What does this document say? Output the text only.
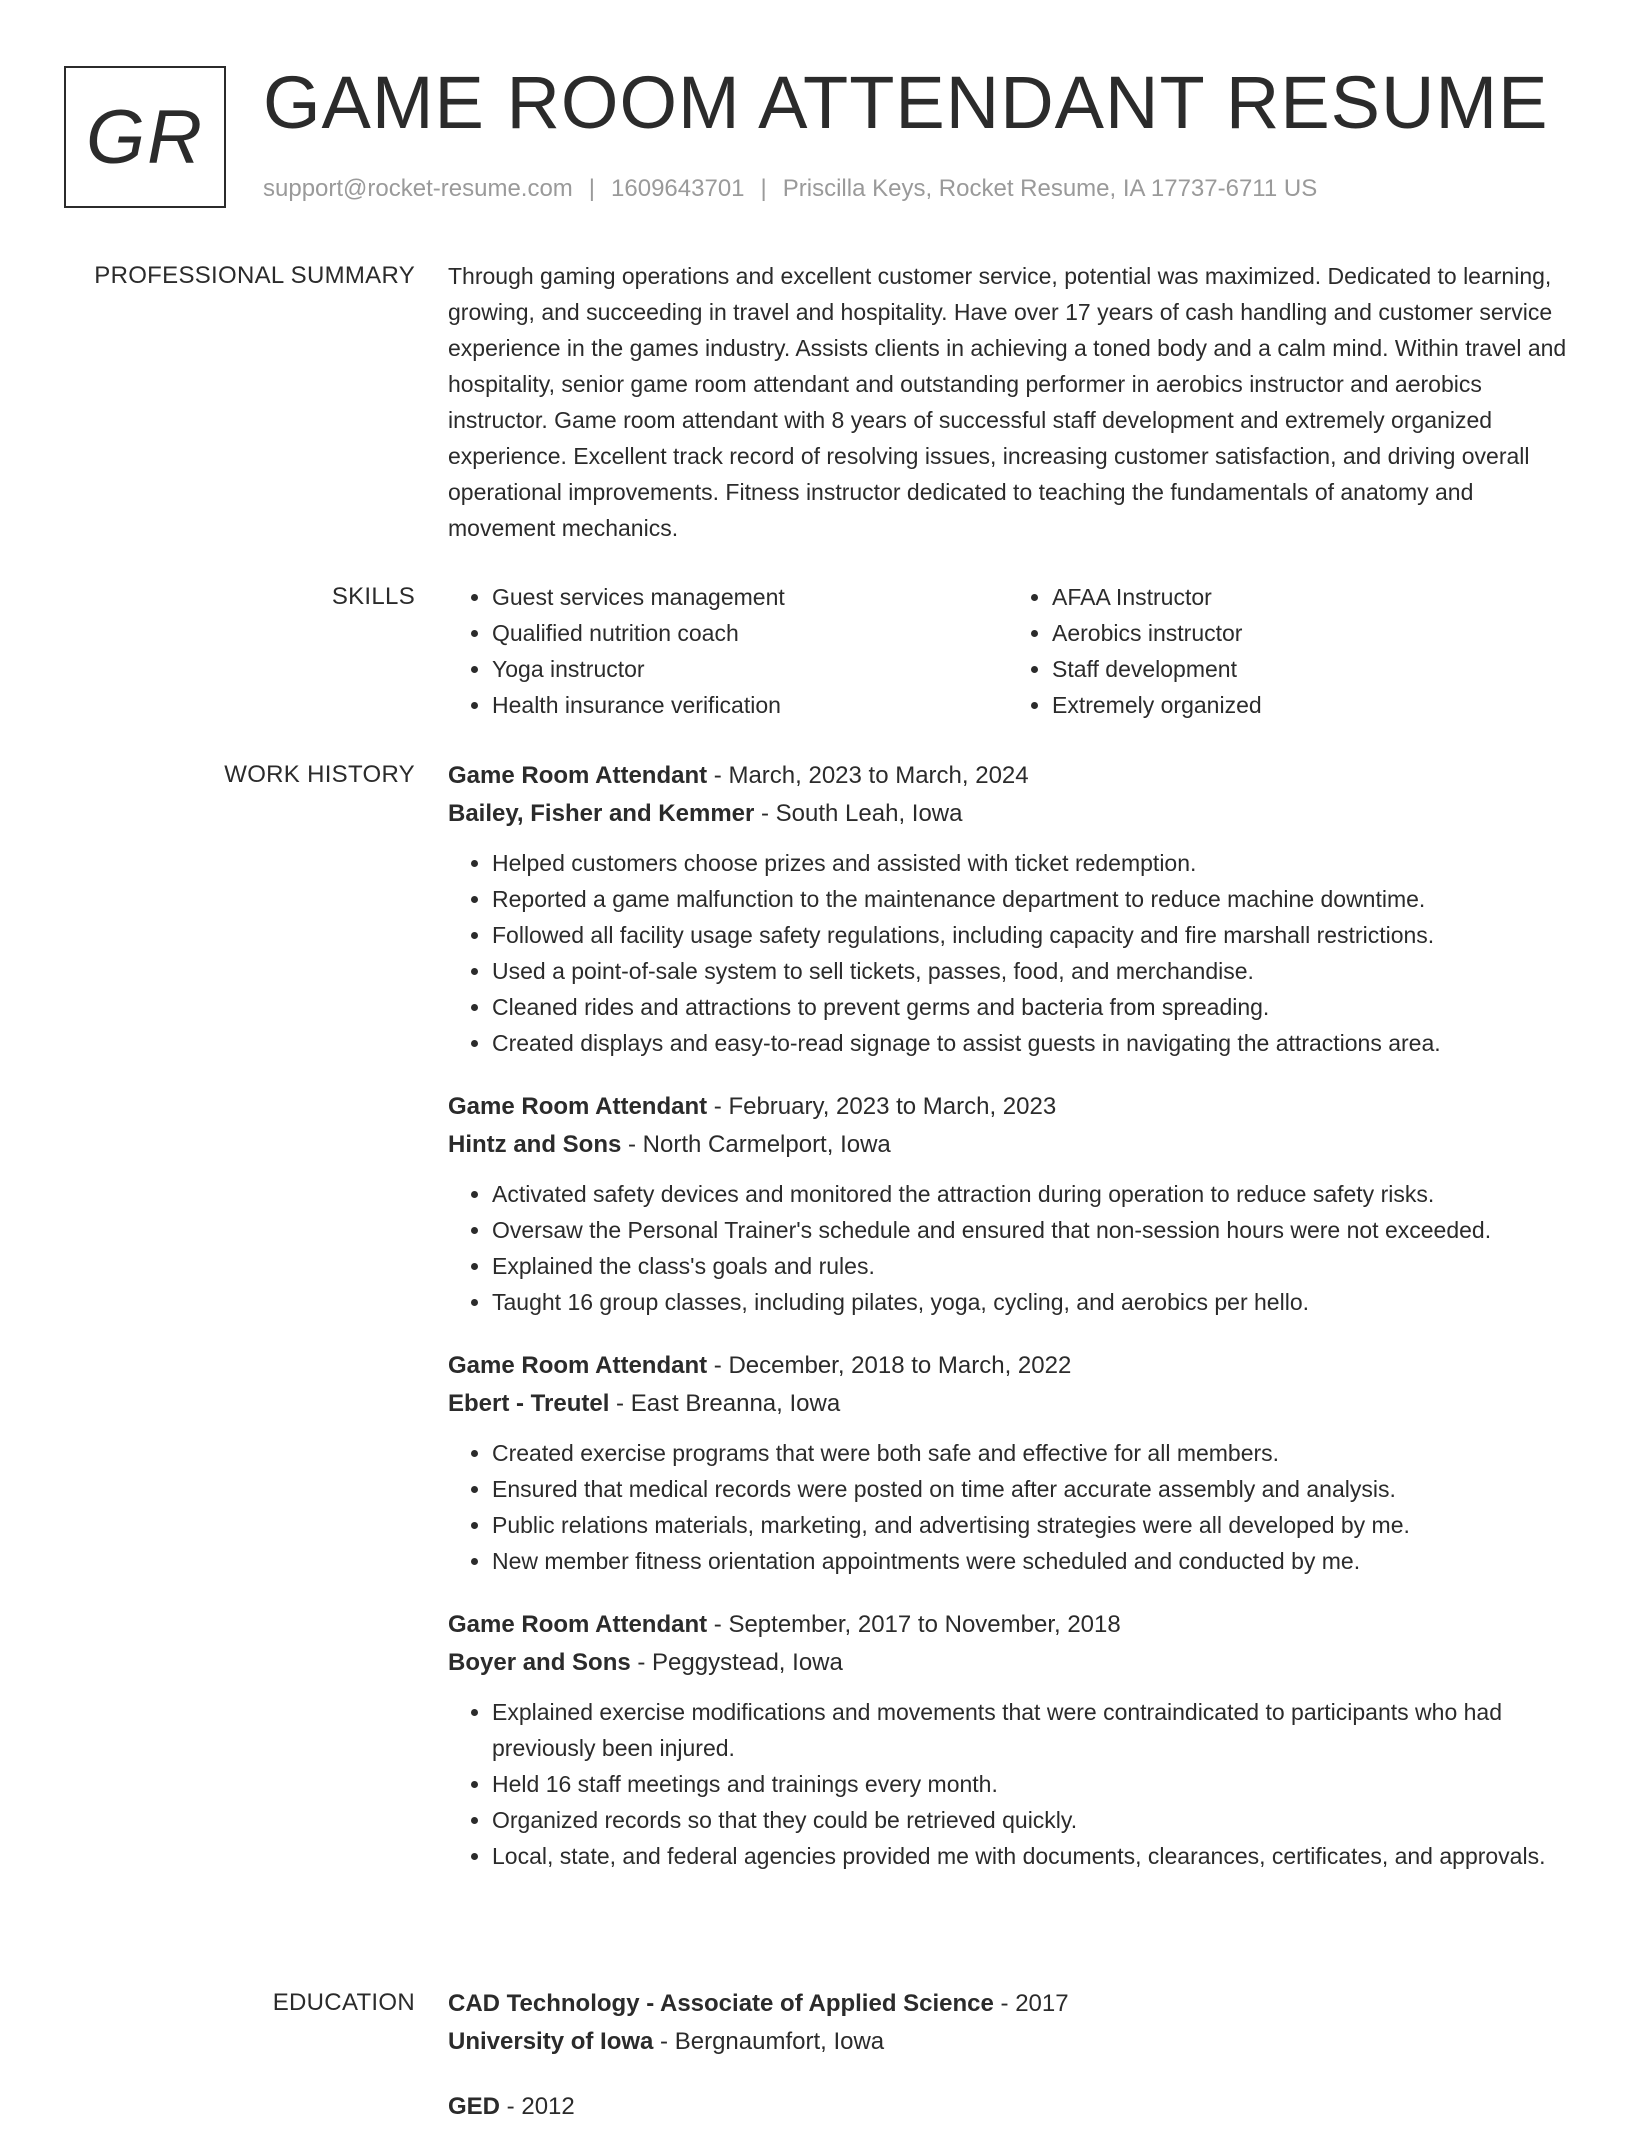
GR GAME ROOM ATTENDANT RESUME
support@rocket-resume.com | 1609643701 | Priscilla Keys, Rocket Resume, IA 17737-6711 US
PROFESSIONAL SUMMARY Through gaming operations and excellent customer service, potential was maximized. Dedicated to learning, growing, and succeeding in travel and hospitality. Have over 17 years of cash handling and customer service experience in the games industry. Assists clients in achieving a toned body and a calm mind. Within travel and hospitality, senior game room attendant and outstanding performer in aerobics instructor and aerobics instructor. Game room attendant with 8 years of successful staff development and extremely organized experience. Excellent track record of resolving issues, increasing customer satisfaction, and driving overall operational improvements. Fitness instructor dedicated to teaching the fundamentals of anatomy and movement mechanics.

SKILLS
•	Guest services management
• Qualified nutrition coach
• Yoga instructor
• Health insurance verification
• AFAA Instructor
• Aerobics instructor
• Staff development
• Extremely organized
WORK HISTORY Game Room Attendant - March, 2023 to March, 2024
Bailey, Fisher and Kemmer - South Leah, Iowa
• Helped customers choose prizes and assisted with ticket redemption.
• Reported a game malfunction to the maintenance department to reduce machine downtime.
• Followed all facility usage safety regulations, including capacity and fire marshall restrictions.
• Used a point-of-sale system to sell tickets, passes, food, and merchandise.
• Cleaned rides and attractions to prevent germs and bacteria from spreading.
• Created displays and easy-to-read signage to assist guests in navigating the attractions area.
Game Room Attendant - February, 2023 to March, 2023
Hintz and Sons - North Carmelport, Iowa
• Activated safety devices and monitored the attraction during operation to reduce safety risks.
• Oversaw the Personal Trainer's schedule and ensured that non-session hours were not exceeded.
• Explained the class's goals and rules.
• Taught 16 group classes, including pilates, yoga, cycling, and aerobics per hello.
Game Room Attendant - December, 2018 to March, 2022
Ebert - Treutel - East Breanna, Iowa
• Created exercise programs that were both safe and effective for all members.
• Ensured that medical records were posted on time after accurate assembly and analysis.
• Public relations materials, marketing, and advertising strategies were all developed by me.
• New member fitness orientation appointments were scheduled and conducted by me.
Game Room Attendant - September, 2017 to November, 2018
Boyer and Sons - Peggystead, Iowa
• Explained exercise modifications and movements that were contraindicated to participants who had previously been injured.
• Held 16 staff meetings and trainings every month.
• Organized records so that they could be retrieved quickly.
• Local, state, and federal agencies provided me with documents, clearances, certificates, and approvals.
EDUCATION CAD Technology - Associate of Applied Science - 2017
University of Iowa - Bergnaumfort, Iowa
GED - 2012
